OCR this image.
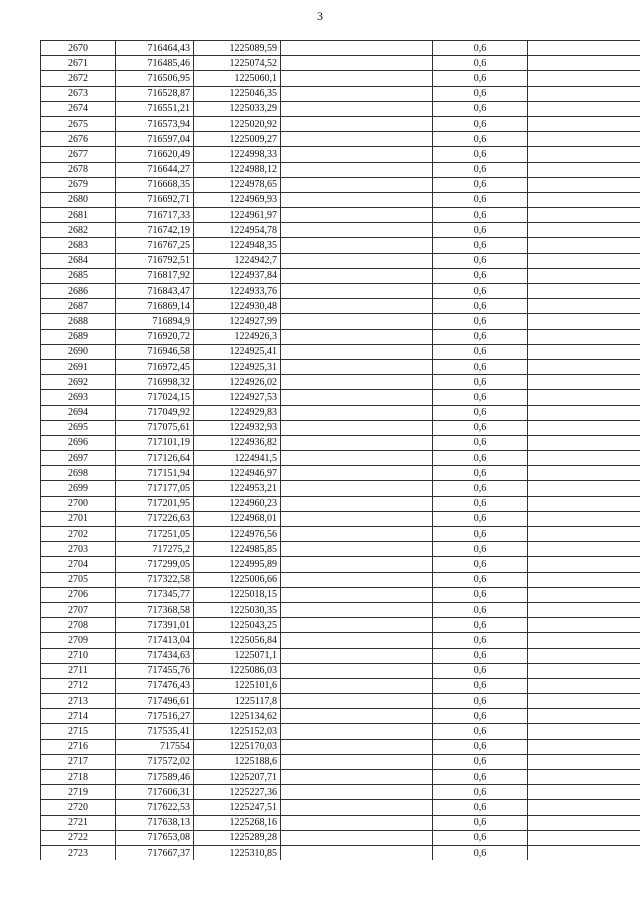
3
2670	716464,43	1225089,59		0,6	
2671	716485,46	1225074,52		0,6	
2672	716506,95	1225060,1		0,6	
2673	716528,87	1225046,35		0,6	
2674	716551,21	1225033,29		0,6	
2675	716573,94	1225020,92		0,6	
2676	716597,04	1225009,27		0,6	
2677	716620,49	1224998,33		0,6	
2678	716644,27	1224988,12		0,6	
2679	716668,35	1224978,65		0,6	
2680	716692,71	1224969,93		0,6	
2681	716717,33	1224961,97		0,6	
2682	716742,19	1224954,78		0,6	
2683	716767,25	1224948,35		0,6	
2684	716792,51	1224942,7		0,6	
2685	716817,92	1224937,84		0,6	
2686	716843,47	1224933,76		0,6	
2687	716869,14	1224930,48		0,6	
2688	716894,9	1224927,99		0,6	
2689	716920,72	1224926,3		0,6	
2690	716946,58	1224925,41		0,6	
2691	716972,45	1224925,31		0,6	
2692	716998,32	1224926,02		0,6	
2693	717024,15	1224927,53		0,6	
2694	717049,92	1224929,83		0,6	
2695	717075,61	1224932,93		0,6	
2696	717101,19	1224936,82		0,6	
2697	717126,64	1224941,5		0,6	
2698	717151,94	1224946,97		0,6	
2699	717177,05	1224953,21		0,6	
2700	717201,95	1224960,23		0,6	
2701	717226,63	1224968,01		0,6	
2702	717251,05	1224976,56		0,6	
2703	717275,2	1224985,85		0,6	
2704	717299,05	1224995,89		0,6	
2705	717322,58	1225006,66		0,6	
2706	717345,77	1225018,15		0,6	
2707	717368,58	1225030,35		0,6	
2708	717391,01	1225043,25		0,6	
2709	717413,04	1225056,84		0,6	
2710	717434,63	1225071,1		0,6	
2711	717455,76	1225086,03		0,6	
2712	717476,43	1225101,6		0,6	
2713	717496,61	1225117,8		0,6	
2714	717516,27	1225134,62		0,6	
2715	717535,41	1225152,03		0,6	
2716	717554	1225170,03		0,6	
2717	717572,02	1225188,6		0,6	
2718	717589,46	1225207,71		0,6	
2719	717606,31	1225227,36		0,6	
2720	717622,53	1225247,51		0,6	
2721	717638,13	1225268,16		0,6	
2722	717653,08	1225289,28		0,6	
2723	717667,37	1225310,85		0,6	
